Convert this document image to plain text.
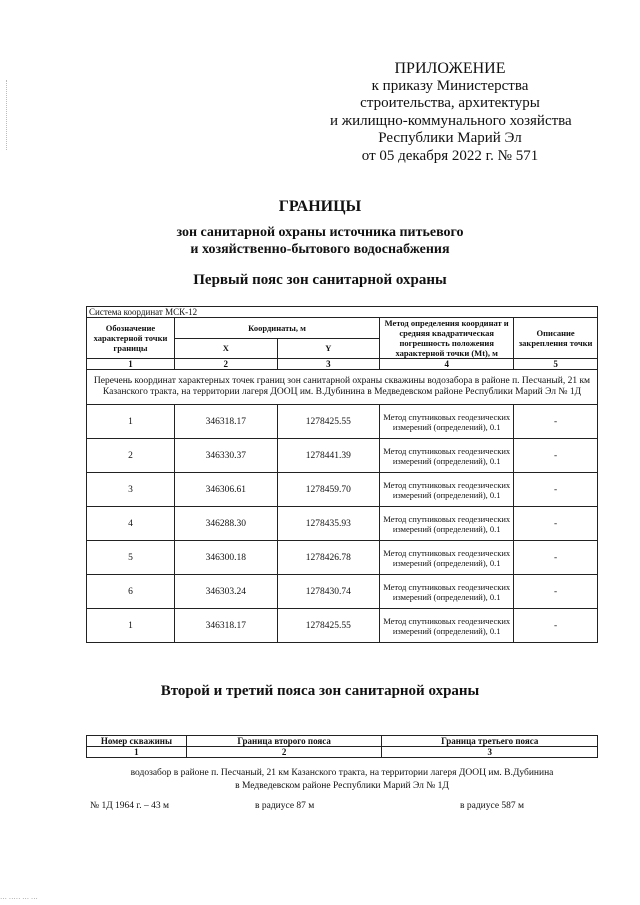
ПРИЛОЖЕНИЕ
к приказу Министерства
строительства, архитектуры
и жилищно-коммунального хозяйства
Республики Марий Эл
от 05 декабря 2022 г. № 571
ГРАНИЦЫ
зон санитарной охраны источника питьевого
и хозяйственно-бытового водоснабжения
Первый пояс зон санитарной охраны
Система координат МСК-12				
Обозначение характерной точки границы	Координаты, м		Метод определения координат и средняя квадратическая погрешность положения характерной точки (Mt), м	Описание закрепления точки
	X	Y		
1	2	3	4	5
Перечень координат характерных точек границ зон санитарной охраны скважины водозабора в районе п. Песчаный, 21 км Казанского тракта, на территории лагеря ДООЦ им. В.Дубинина в Медведевском районе Республики Марий Эл № 1Д				
1	346318.17	1278425.55	Метод спутниковых геодезических измерений (определений), 0.1	-
2	346330.37	1278441.39	Метод спутниковых геодезических измерений (определений), 0.1	-
3	346306.61	1278459.70	Метод спутниковых геодезических измерений (определений), 0.1	-
4	346288.30	1278435.93	Метод спутниковых геодезических измерений (определений), 0.1	-
5	346300.18	1278426.78	Метод спутниковых геодезических измерений (определений), 0.1	-
6	346303.24	1278430.74	Метод спутниковых геодезических измерений (определений), 0.1	-
1	346318.17	1278425.55	Метод спутниковых геодезических измерений (определений), 0.1	-
Второй и третий пояса зон санитарной охраны
Номер скважины	Граница второго пояса	Граница третьего пояса
1	2	3
водозабор в районе п. Песчаный, 21 км Казанского тракта, на территории лагеря ДООЦ им. В.Дубинина
в Медведевском районе Республики Марий Эл № 1Д
№ 1Д 1964 г. – 43 м	в радиусе 87 м	в радиусе 587 м
··· ····· ··· ···
